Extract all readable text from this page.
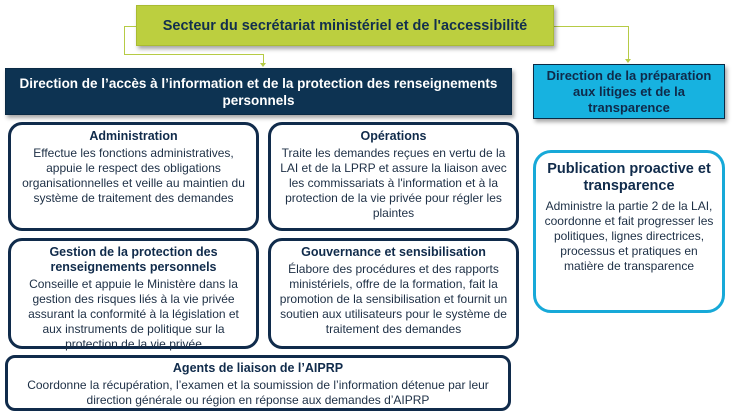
Secteur du secrétariat ministériel et de l'accessibilité
Direction de l’accès à l’information et de la protection des renseignements personnels
Direction de la préparation aux litiges et de la transparence
Administration
Effectue les fonctions administratives, appuie le respect des obligations organisationnelles et veille au maintien du système de traitement des demandes
Opérations
Traite les demandes reçues en vertu de la LAI et de la LPRP et assure la liaison avec les commissariats à l'information et à la protection de la vie privée pour régler les plaintes
Gestion de la protection des renseignements personnels
Conseille et appuie le Ministère dans la gestion des risques liés à la vie privée assurant la conformité à la législation et aux instruments de politique sur la protection de la vie privée
Gouvernance et sensibilisation
Élabore des procédures et des rapports ministériels, offre de la formation, fait la promotion de la sensibilisation et fournit un soutien aux utilisateurs pour le système de traitement des demandes
Agents de liaison de l’AIPRP
Coordonne la récupération, l’examen et la soumission de l’information détenue par leur direction générale ou région en réponse aux demandes d’AIPRP
Publication proactive et transparence
Administre la partie 2 de la LAI, coordonne et fait progresser les politiques, lignes directrices, processus et pratiques en matière de transparence
